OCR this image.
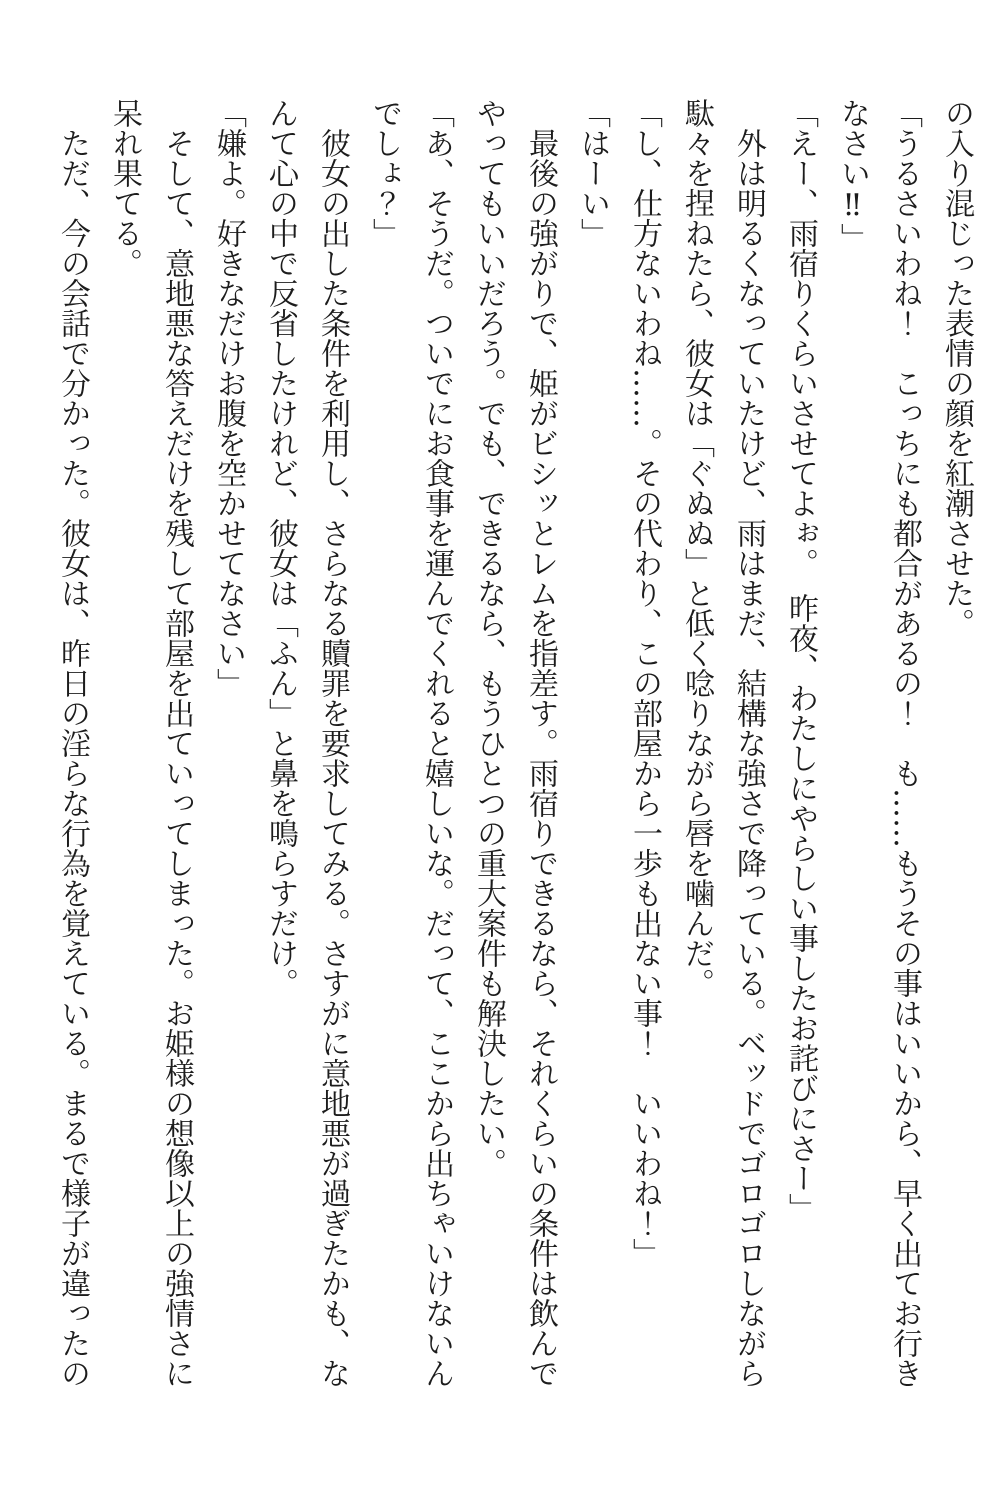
の入り混じった表情の顔を紅潮させた。

「うるさいわね！　こっちにも都合があるの！　も……もうその事はいいから、早く出てお行き

なさい‼」

「えー、雨宿りくらいさせてよぉ。　昨夜、わたしにやらしい事したお詫びにさー」

外は明るくなっていたけど、雨はまだ、結構な強さで降っている。ベッドでゴロゴロしながら

駄々を捏ねたら、彼女は「ぐぬぬ」と低く唸りながら唇を噛んだ。

「し、仕方ないわね……。その代わり、この部屋から一歩も出ない事！　いいわね！」

「はーい」

最後の強がりで、姫がビシッとレムを指差す。雨宿りできるなら、それくらいの条件は飲んで

やってもいいだろう。でも、できるなら、もうひとつの重大案件も解決したい。

「あ、そうだ。ついでにお食事を運んでくれると嬉しいな。だって、ここから出ちゃいけないん

でしょ？」

彼女の出した条件を利用し、さらなる贖罪を要求してみる。さすがに意地悪が過ぎたかも、な

んて心の中で反省したけれど、彼女は「ふん」と鼻を鳴らすだけ。

「嫌よ。好きなだけお腹を空かせてなさい」

そして、意地悪な答えだけを残して部屋を出ていってしまった。お姫様の想像以上の強情さに

呆れ果てる。

ただ、今の会話で分かった。彼女は、昨日の淫らな行為を覚えている。まるで様子が違ったの
